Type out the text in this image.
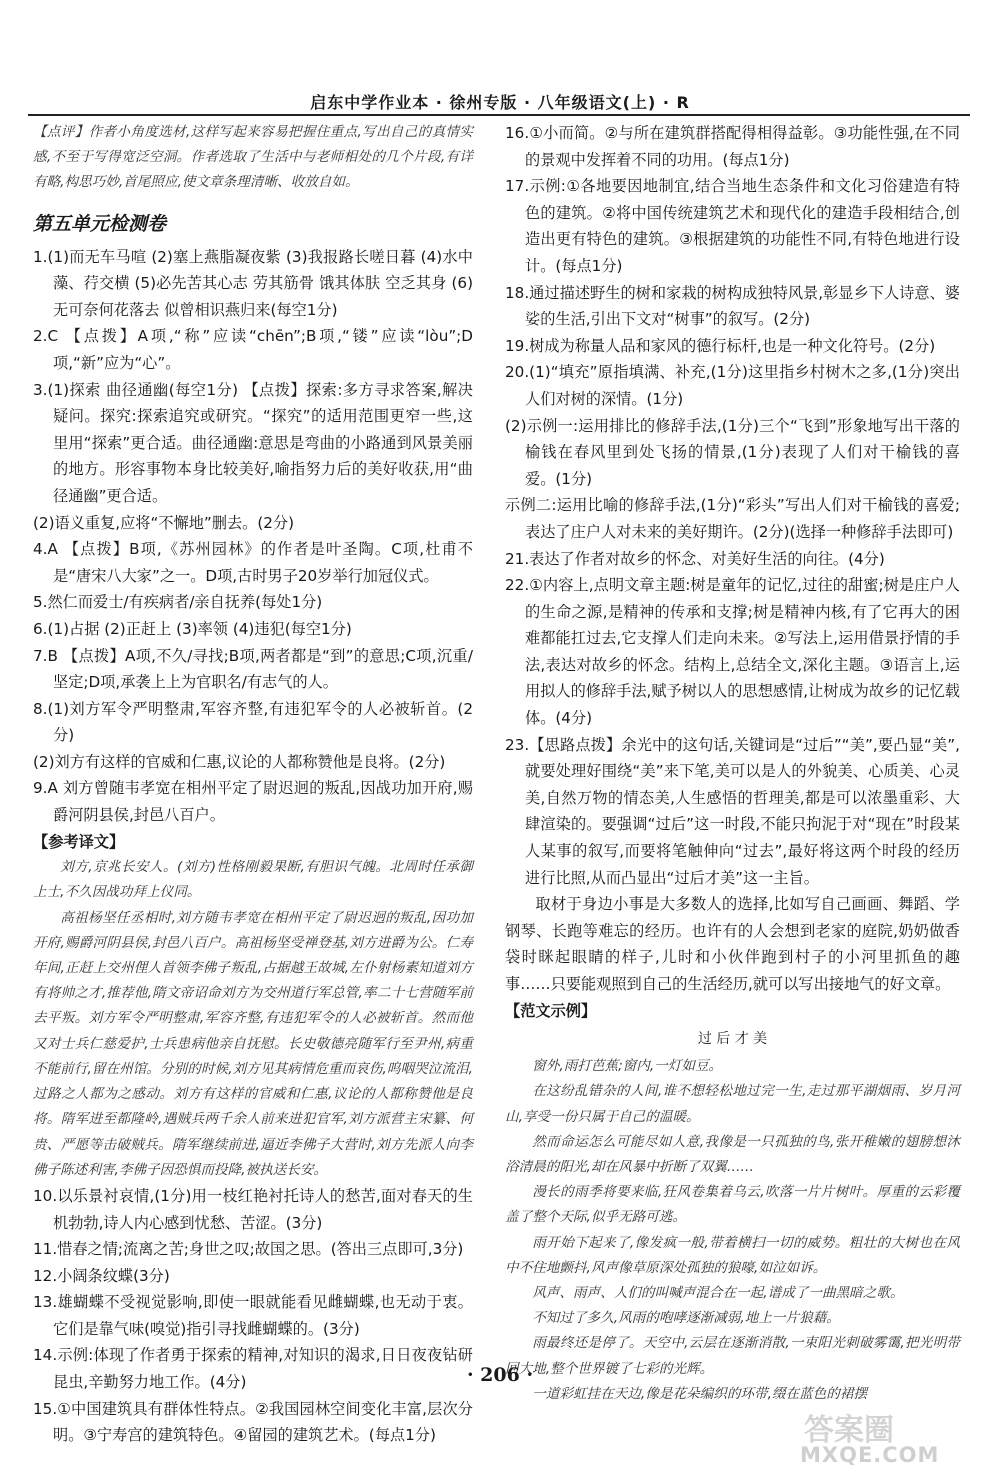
启东中学作业本 · 徐州专版 · 八年级语文(上) · R

【点评】作者小角度选材,这样写起来容易把握住重点,写出自己的真情实感,不至于写得宽泛空洞。作者选取了生活中与老师相处的几个片段,有详有略,构思巧妙,首尾照应,使文章条理清晰、收放自如。

第五单元检测卷

1.(1)而无车马喧 (2)塞上燕脂凝夜紫 (3)我报路长嗟日暮 (4)水中藻、荇交横 (5)必先苦其心志 劳其筋骨 饿其体肤 空乏其身 (6)无可奈何花落去 似曾相识燕归来(每空1分)

2.C 【点拨】A项,“称”应读“chēn”;B项,“镂”应读“lòu”;D项,“新”应为“心”。

3.(1)探索 曲径通幽(每空1分) 【点拨】探索:多方寻求答案,解决疑问。探究:探索追究或研究。“探究”的适用范围更窄一些,这里用“探索”更合适。曲径通幽:意思是弯曲的小路通到风景美丽的地方。形容事物本身比较美好,喻指努力后的美好收获,用“曲径通幽”更合适。

(2)语义重复,应将“不懈地”删去。(2分)

4.A 【点拨】B项,《苏州园林》的作者是叶圣陶。C项,杜甫不是“唐宋八大家”之一。D项,古时男子20岁举行加冠仪式。

5.然仁而爱士/有疾病者/亲自抚养(每处1分)

6.(1)占据 (2)正赶上 (3)率领 (4)违犯(每空1分)

7.B 【点拨】A项,不久/寻找;B项,两者都是“到”的意思;C项,沉重/坚定;D项,承袭上上为官职名/有志气的人。

8.(1)刘方军令严明整肃,军容齐整,有违犯军令的人必被斩首。(2分)

(2)刘方有这样的官威和仁惠,议论的人都称赞他是良将。(2分)

9.A 刘方曾随韦孝宽在相州平定了尉迟迥的叛乱,因战功加开府,赐爵河阴县侯,封邑八百户。

【参考译文】

刘方,京兆长安人。(刘方)性格刚毅果断,有胆识气魄。北周时任承御上士,不久因战功拜上仪同。

高祖杨坚任丞相时,刘方随韦孝宽在相州平定了尉迟迥的叛乱,因功加开府,赐爵河阴县侯,封邑八百户。高祖杨坚受禅登基,刘方进爵为公。仁寿年间,正赶上交州俚人首领李佛子叛乱,占据越王故城,左仆射杨素知道刘方有将帅之才,推荐他,隋文帝诏命刘方为交州道行军总管,率二十七营随军前去平叛。刘方军令严明整肃,军容齐整,有违犯军令的人必被斩首。然而他又对士兵仁慈爱护,士兵患病他亲自抚慰。长史敬德亮随军行至尹州,病重不能前行,留在州馆。分别的时候,刘方见其病情危重而哀伤,呜咽哭泣流泪,过路之人都为之感动。刘方有这样的官威和仁惠,议论的人都称赞他是良将。隋军进至都隆岭,遇贼兵两千余人前来进犯官军,刘方派营主宋纂、何贵、严愿等击破贼兵。隋军继续前进,逼近李佛子大营时,刘方先派人向李佛子陈述利害,李佛子因恐惧而投降,被执送长安。

10.以乐景衬哀情,(1分)用一枝红艳衬托诗人的愁苦,面对春天的生机勃勃,诗人内心感到忧愁、苦涩。(3分)

11.惜春之情;流离之苦;身世之叹;故国之思。(答出三点即可,3分)

12.小阔条纹蝶(3分)

13.雄蝴蝶不受视觉影响,即使一眼就能看见雌蝴蝶,也无动于衷。它们是靠气味(嗅觉)指引寻找雌蝴蝶的。(3分)

14.示例:体现了作者勇于探索的精神,对知识的渴求,日日夜夜钻研昆虫,辛勤努力地工作。(4分)

15.①中国建筑具有群体性特点。②我国园林空间变化丰富,层次分明。③宁寿宫的建筑特色。④留园的建筑艺术。(每点1分)

16.①小而简。②与所在建筑群搭配得相得益彰。③功能性强,在不同的景观中发挥着不同的功用。(每点1分)

17.示例:①各地要因地制宜,结合当地生态条件和文化习俗建造有特色的建筑。②将中国传统建筑艺术和现代化的建造手段相结合,创造出更有特色的建筑。③根据建筑的功能性不同,有特色地进行设计。(每点1分)

18.通过描述野生的树和家栽的树构成独特风景,彰显乡下人诗意、婆娑的生活,引出下文对“树事”的叙写。(2分)

19.树成为称量人品和家风的德行标杆,也是一种文化符号。(2分)

20.(1)“填充”原指填满、补充,(1分)这里指乡村树木之多,(1分)突出人们对树的深情。(1分)

(2)示例一:运用排比的修辞手法,(1分)三个“飞到”形象地写出干落的榆钱在春风里到处飞扬的情景,(1分)表现了人们对干榆钱的喜爱。(1分)

示例二:运用比喻的修辞手法,(1分)“彩头”写出人们对干榆钱的喜爱;表达了庄户人对未来的美好期许。(2分)(选择一种修辞手法即可)

21.表达了作者对故乡的怀念、对美好生活的向往。(4分)

22.①内容上,点明文章主题:树是童年的记忆,过往的甜蜜;树是庄户人的生命之源,是精神的传承和支撑;树是精神内核,有了它再大的困难都能扛过去,它支撑人们走向未来。②写法上,运用借景抒情的手法,表达对故乡的怀念。结构上,总结全文,深化主题。③语言上,运用拟人的修辞手法,赋予树以人的思想感情,让树成为故乡的记忆载体。(4分)

23.【思路点拨】余光中的这句话,关键词是“过后”“美”,要凸显“美”,就要处理好围绕“美”来下笔,美可以是人的外貌美、心质美、心灵美,自然万物的情态美,人生感悟的哲理美,都是可以浓墨重彩、大肆渲染的。要强调“过后”这一时段,不能只拘泥于对“现在”时段某人某事的叙写,而要将笔触伸向“过去”,最好将这两个时段的经历进行比照,从而凸显出“过后才美”这一主旨。

取材于身边小事是大多数人的选择,比如写自己画画、舞蹈、学钢琴、长跑等难忘的经历。也许有的人会想到老家的庭院,奶奶做香袋时眯起眼睛的样子,儿时和小伙伴跑到村子的小河里抓鱼的趣事……只要能观照到自己的生活经历,就可以写出接地气的好文章。

【范文示例】

过 后 才 美

窗外,雨打芭蕉;窗内,一灯如豆。

在这纷乱错杂的人间,谁不想轻松地过完一生,走过那平湖烟雨、岁月河山,享受一份只属于自己的温暖。

然而命运怎么可能尽如人意,我像是一只孤独的鸟,张开稚嫩的翅膀想沐浴清晨的阳光,却在风暴中折断了双翼……

漫长的雨季将要来临,狂风卷集着乌云,吹落一片片树叶。厚重的云彩覆盖了整个天际,似乎无路可逃。

雨开始下起来了,像发疯一般,带着横扫一切的威势。粗壮的大树也在风中不住地颤抖,风声像草原深处孤独的狼嚎,如泣如诉。

风声、雨声、人们的叫喊声混合在一起,谱成了一曲黑暗之歌。

不知过了多久,风雨的咆哮逐渐减弱,地上一片狼藉。

雨最终还是停了。天空中,云层在逐渐消散,一束阳光刺破雾霭,把光明带回大地,整个世界镀了七彩的光辉。

一道彩虹挂在天边,像是花朵编织的环带,缀在蓝色的裙摆

· 206 ·
答案圈
MXQE.COM
